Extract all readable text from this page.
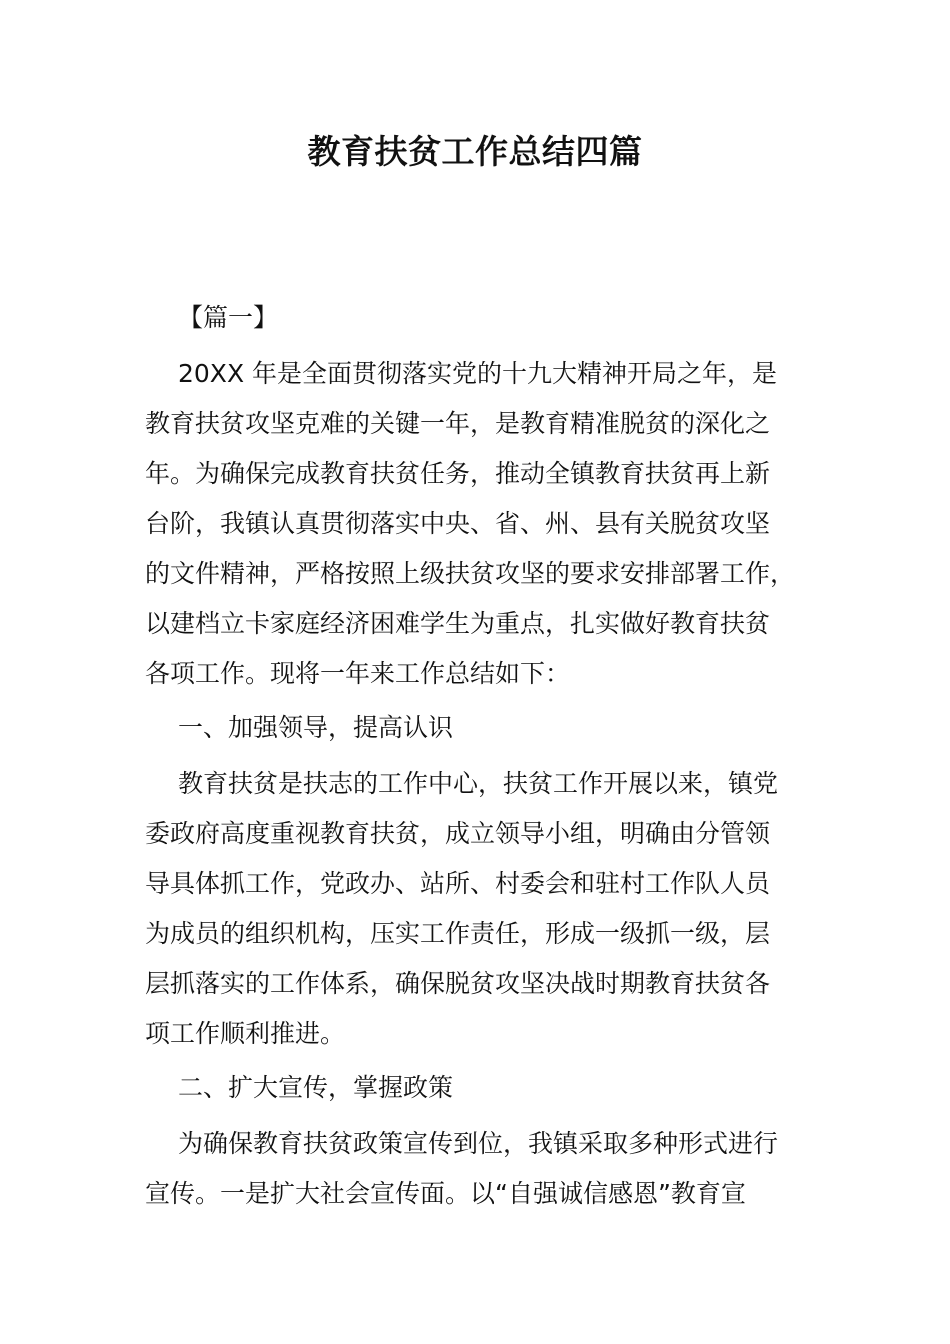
教育扶贫工作总结四篇
【篇一】
20XX 年是全面贯彻落实党的十九大精神开局之年，是
教育扶贫攻坚克难的关键一年，是教育精准脱贫的深化之
年。为确保完成教育扶贫任务，推动全镇教育扶贫再上新
台阶，我镇认真贯彻落实中央、省、州、县有关脱贫攻坚
的文件精神，严格按照上级扶贫攻坚的要求安排部署工作，
以建档立卡家庭经济困难学生为重点，扎实做好教育扶贫
各项工作。现将一年来工作总结如下：
一、加强领导，提高认识
教育扶贫是扶志的工作中心，扶贫工作开展以来，镇党
委政府高度重视教育扶贫，成立领导小组，明确由分管领
导具体抓工作，党政办、站所、村委会和驻村工作队人员
为成员的组织机构，压实工作责任，形成一级抓一级，层
层抓落实的工作体系，确保脱贫攻坚决战时期教育扶贫各
项工作顺利推进。
二、扩大宣传，掌握政策
为确保教育扶贫政策宣传到位，我镇采取多种形式进行
宣传。一是扩大社会宣传面。以“自强诚信感恩”教育宣
